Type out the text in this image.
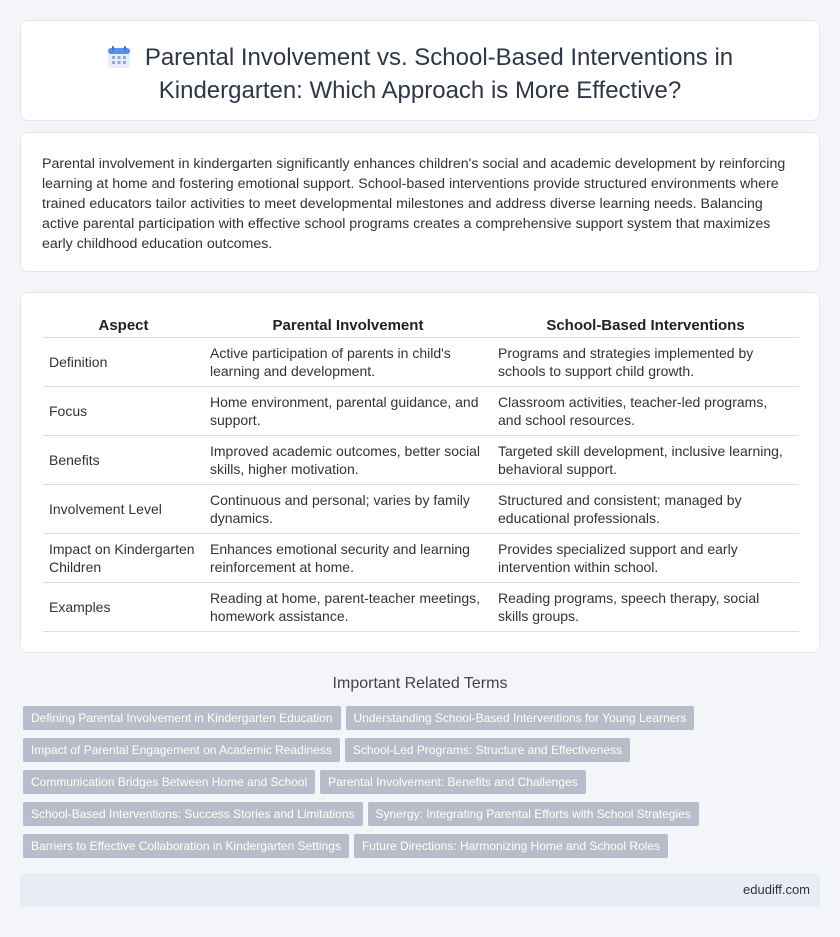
Parental Involvement vs. School-Based Interventions in
Kindergarten: Which Approach is More Effective?

Parental involvement in kindergarten significantly enhances children's social and academic development by reinforcing learning at home and fostering emotional support. School-based interventions provide structured environments where trained educators tailor activities to meet developmental milestones and address diverse learning needs. Balancing active parental participation with effective school programs creates a comprehensive support system that maximizes early childhood education outcomes.

Aspect	Parental Involvement	School-Based Interventions
Definition	Active participation of parents in child's learning and development.	Programs and strategies implemented by schools to support child growth.
Focus	Home environment, parental guidance, and support.	Classroom activities, teacher-led programs, and school resources.
Benefits	Improved academic outcomes, better social skills, higher motivation.	Targeted skill development, inclusive learning, behavioral support.
Involvement Level	Continuous and personal; varies by family dynamics.	Structured and consistent; managed by educational professionals.
Impact on Kindergarten Children	Enhances emotional security and learning reinforcement at home.	Provides specialized support and early intervention within school.
Examples	Reading at home, parent-teacher meetings, homework assistance.	Reading programs, speech therapy, social skills groups.
Important Related Terms
Defining Parental Involvement in Kindergarten Education Understanding School-Based Interventions for Young Learners
Impact of Parental Engagement on Academic Readiness School-Led Programs: Structure and Effectiveness
Communication Bridges Between Home and School Parental Involvement: Benefits and Challenges
School-Based Interventions: Success Stories and Limitations Synergy: Integrating Parental Efforts with School Strategies
Barriers to Effective Collaboration in Kindergarten Settings Future Directions: Harmonizing Home and School Roles
edudiff.com
